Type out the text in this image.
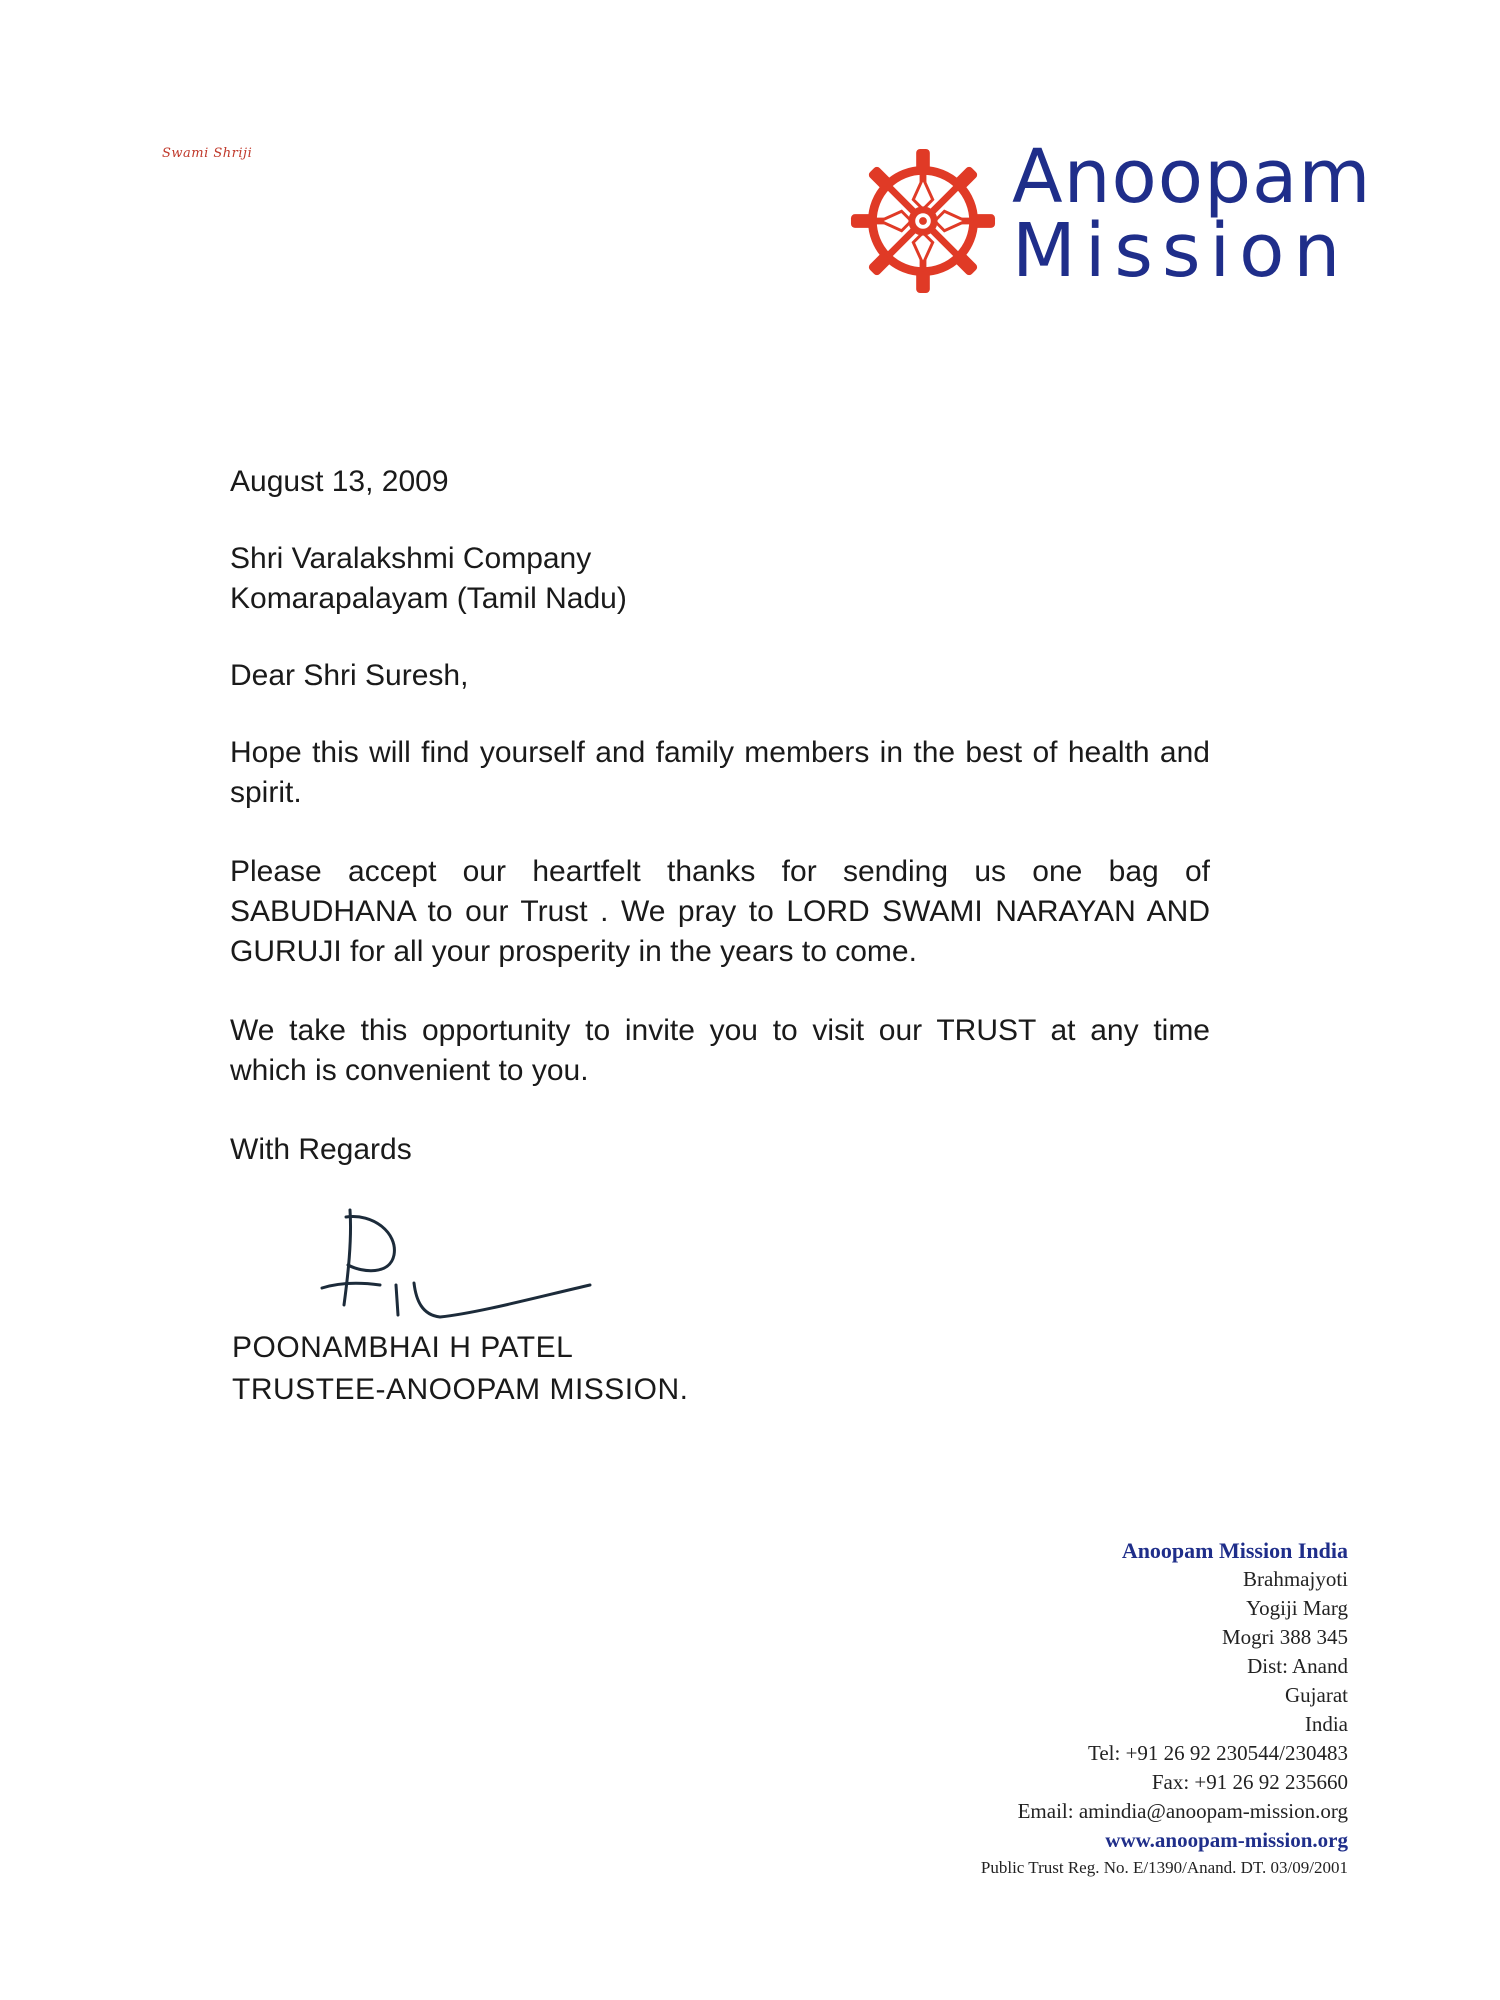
Swami Shriji	Anoopam
Mission

August 13, 2009

Shri Varalakshmi Company

Komarapalayam (Tamil Nadu)

Dear Shri Suresh,

Hope this will find yourself and family members in the best of health and spirit.

Please accept our heartfelt thanks for sending us one bag of SABUDHANA to our Trust . We pray to LORD SWAMI NARAYAN AND GURUJI for all your prosperity in the years to come.

We take this opportunity to invite you to visit our TRUST at any time which is convenient to you.

With Regards

POONAMBHAI H PATEL

TRUSTEE-ANOOPAM MISSION.

Anoopam Mission India

Brahmajyoti

Yogiji Marg

Mogri 388 345

Dist: Anand

Gujarat

India

Tel: +91 26 92 230544/230483

Fax: +91 26 92 235660

Email: amindia@anoopam-mission.org

www.anoopam-mission.org

Public Trust Reg. No. E/1390/Anand. DT. 03/09/2001
